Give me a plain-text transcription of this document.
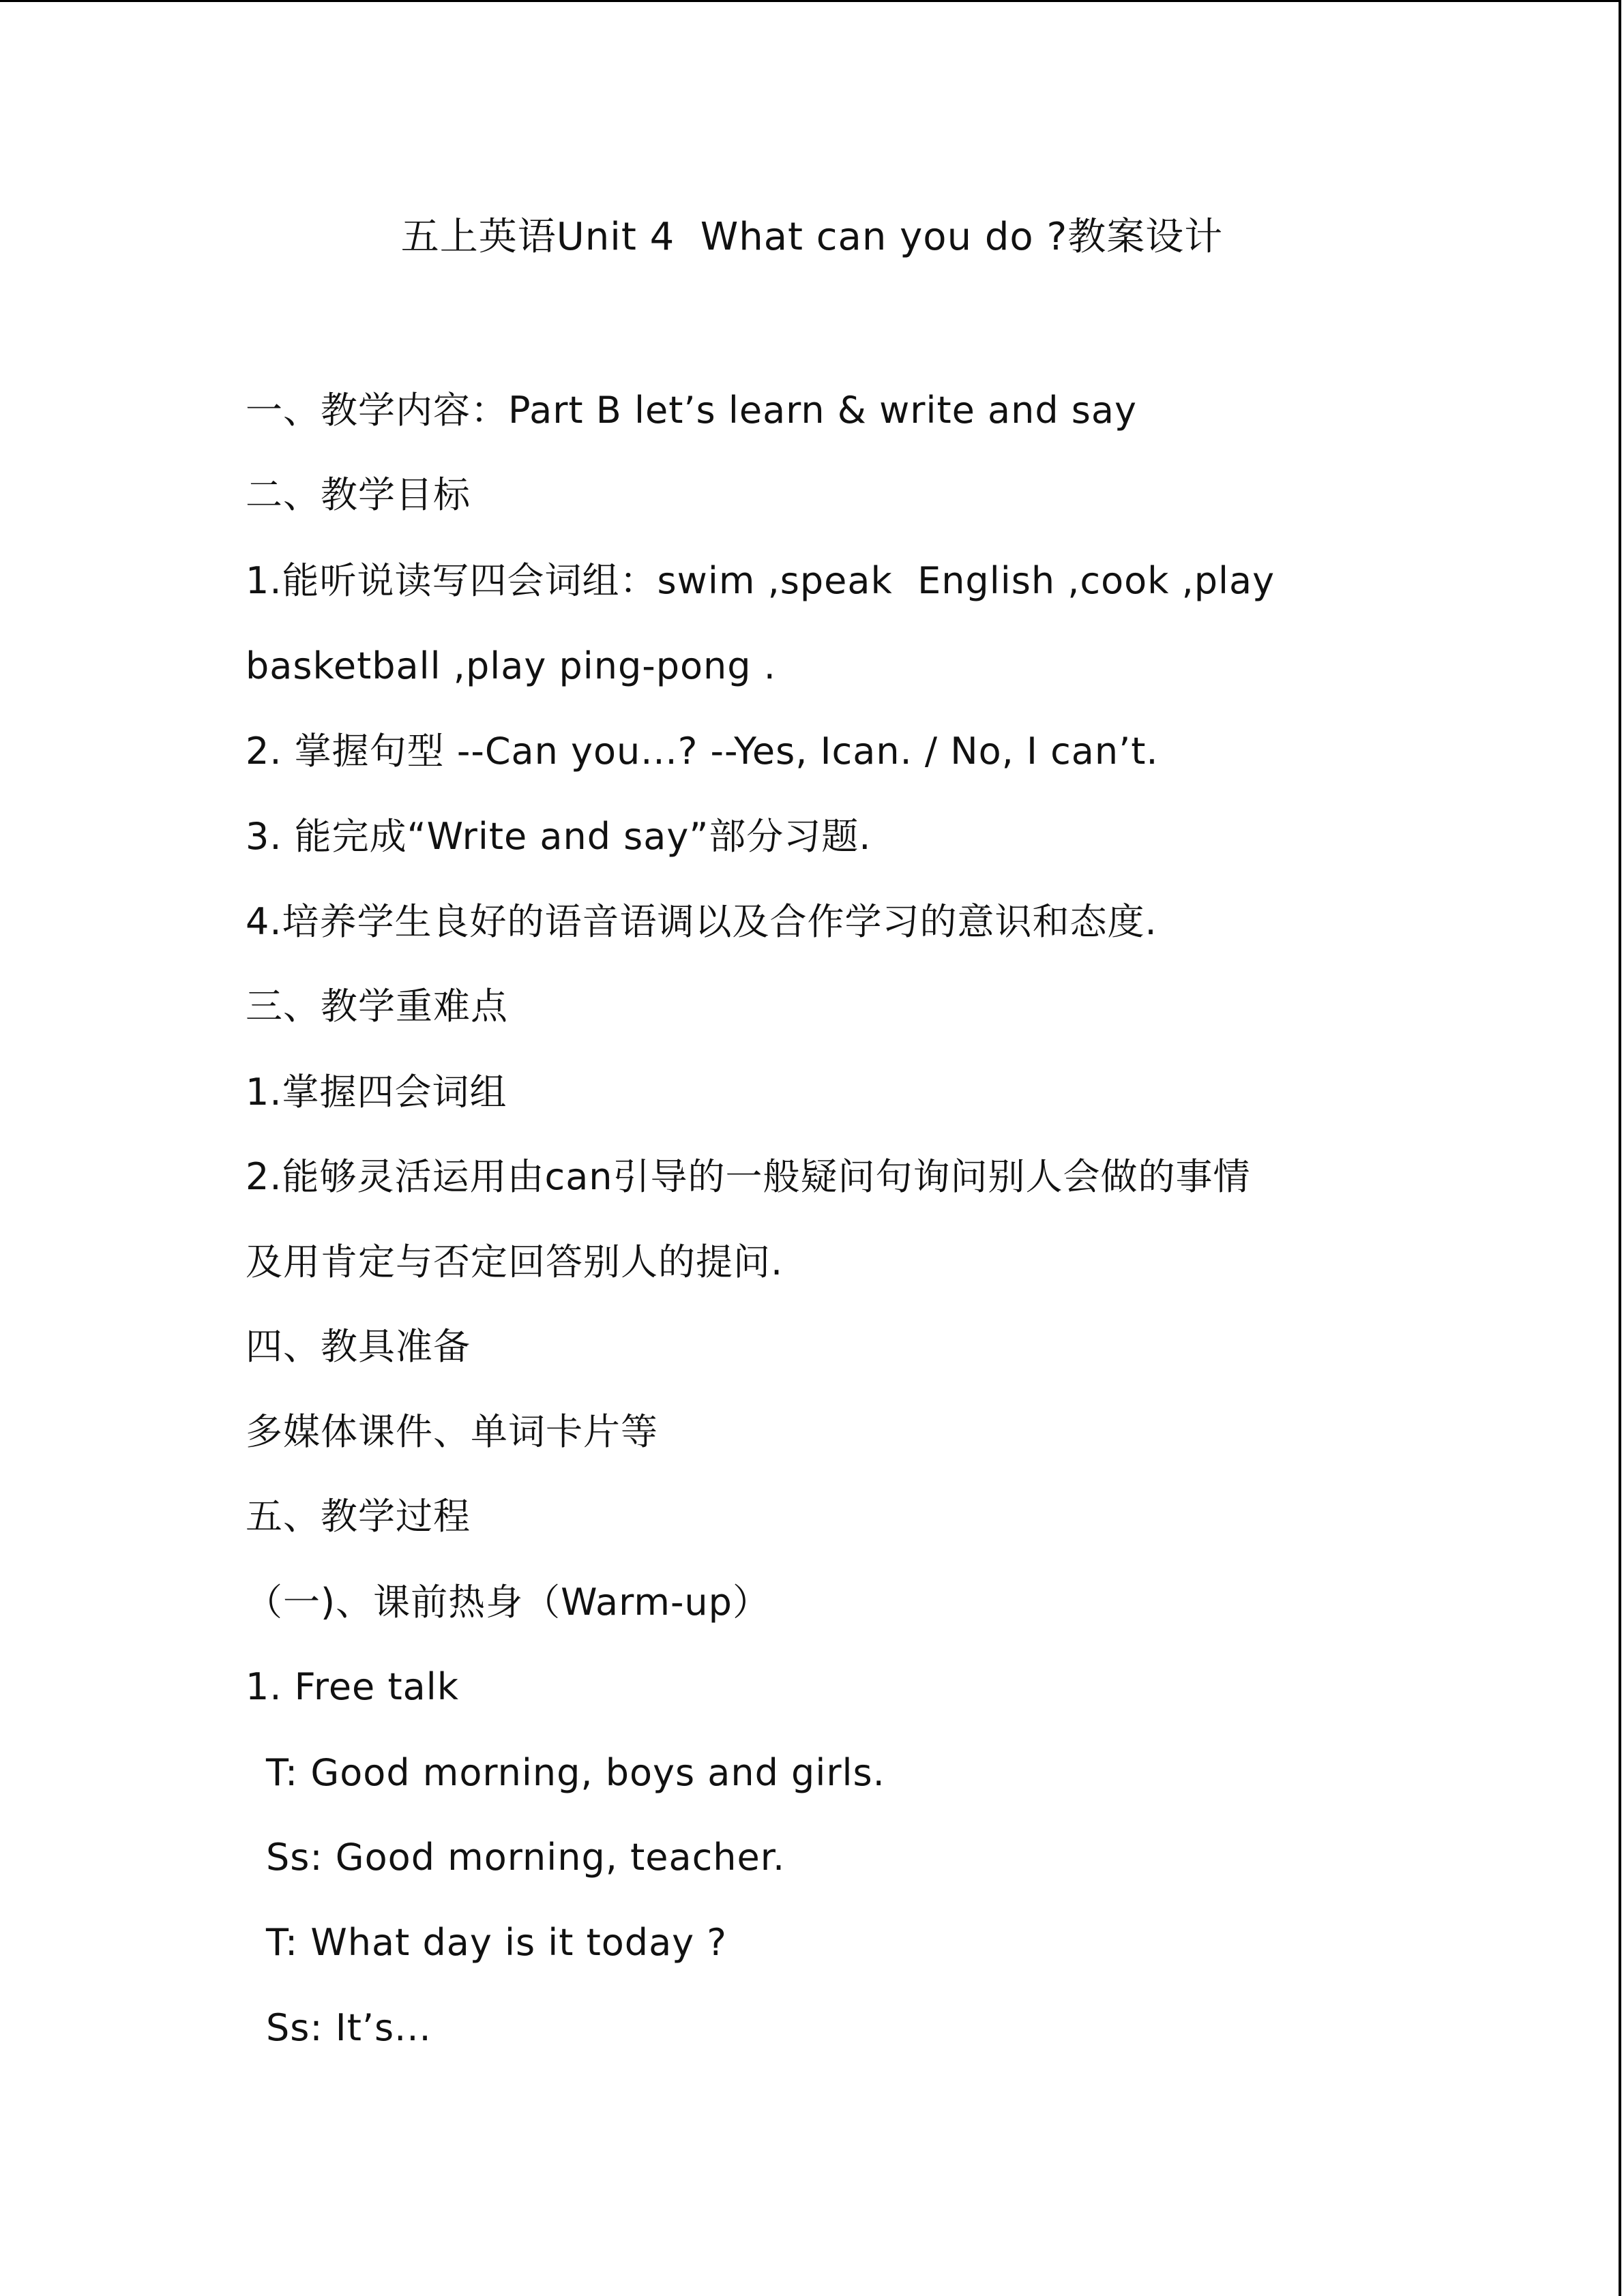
五上英语Unit 4  What can you do ?教案设计
一、教学内容：Part B let’s learn & write and say
二、教学目标
1.能听说读写四会词组：swim ,speak  English ,cook ,play
basketball ,play ping-pong .
2. 掌握句型 --Can you...? --Yes, Ican. / No, I can’t.
3. 能完成“Write and say”部分习题.
4.培养学生良好的语音语调以及合作学习的意识和态度.
三、教学重难点
1.掌握四会词组
2.能够灵活运用由can引导的一般疑问句询问别人会做的事情
及用肯定与否定回答别人的提问.
四、教具准备
多媒体课件、单词卡片等
五、教学过程
（一)、课前热身（Warm-up）
1. Free talk
T: Good morning, boys and girls.
Ss: Good morning, teacher.
T: What day is it today ?
Ss: It’s...
